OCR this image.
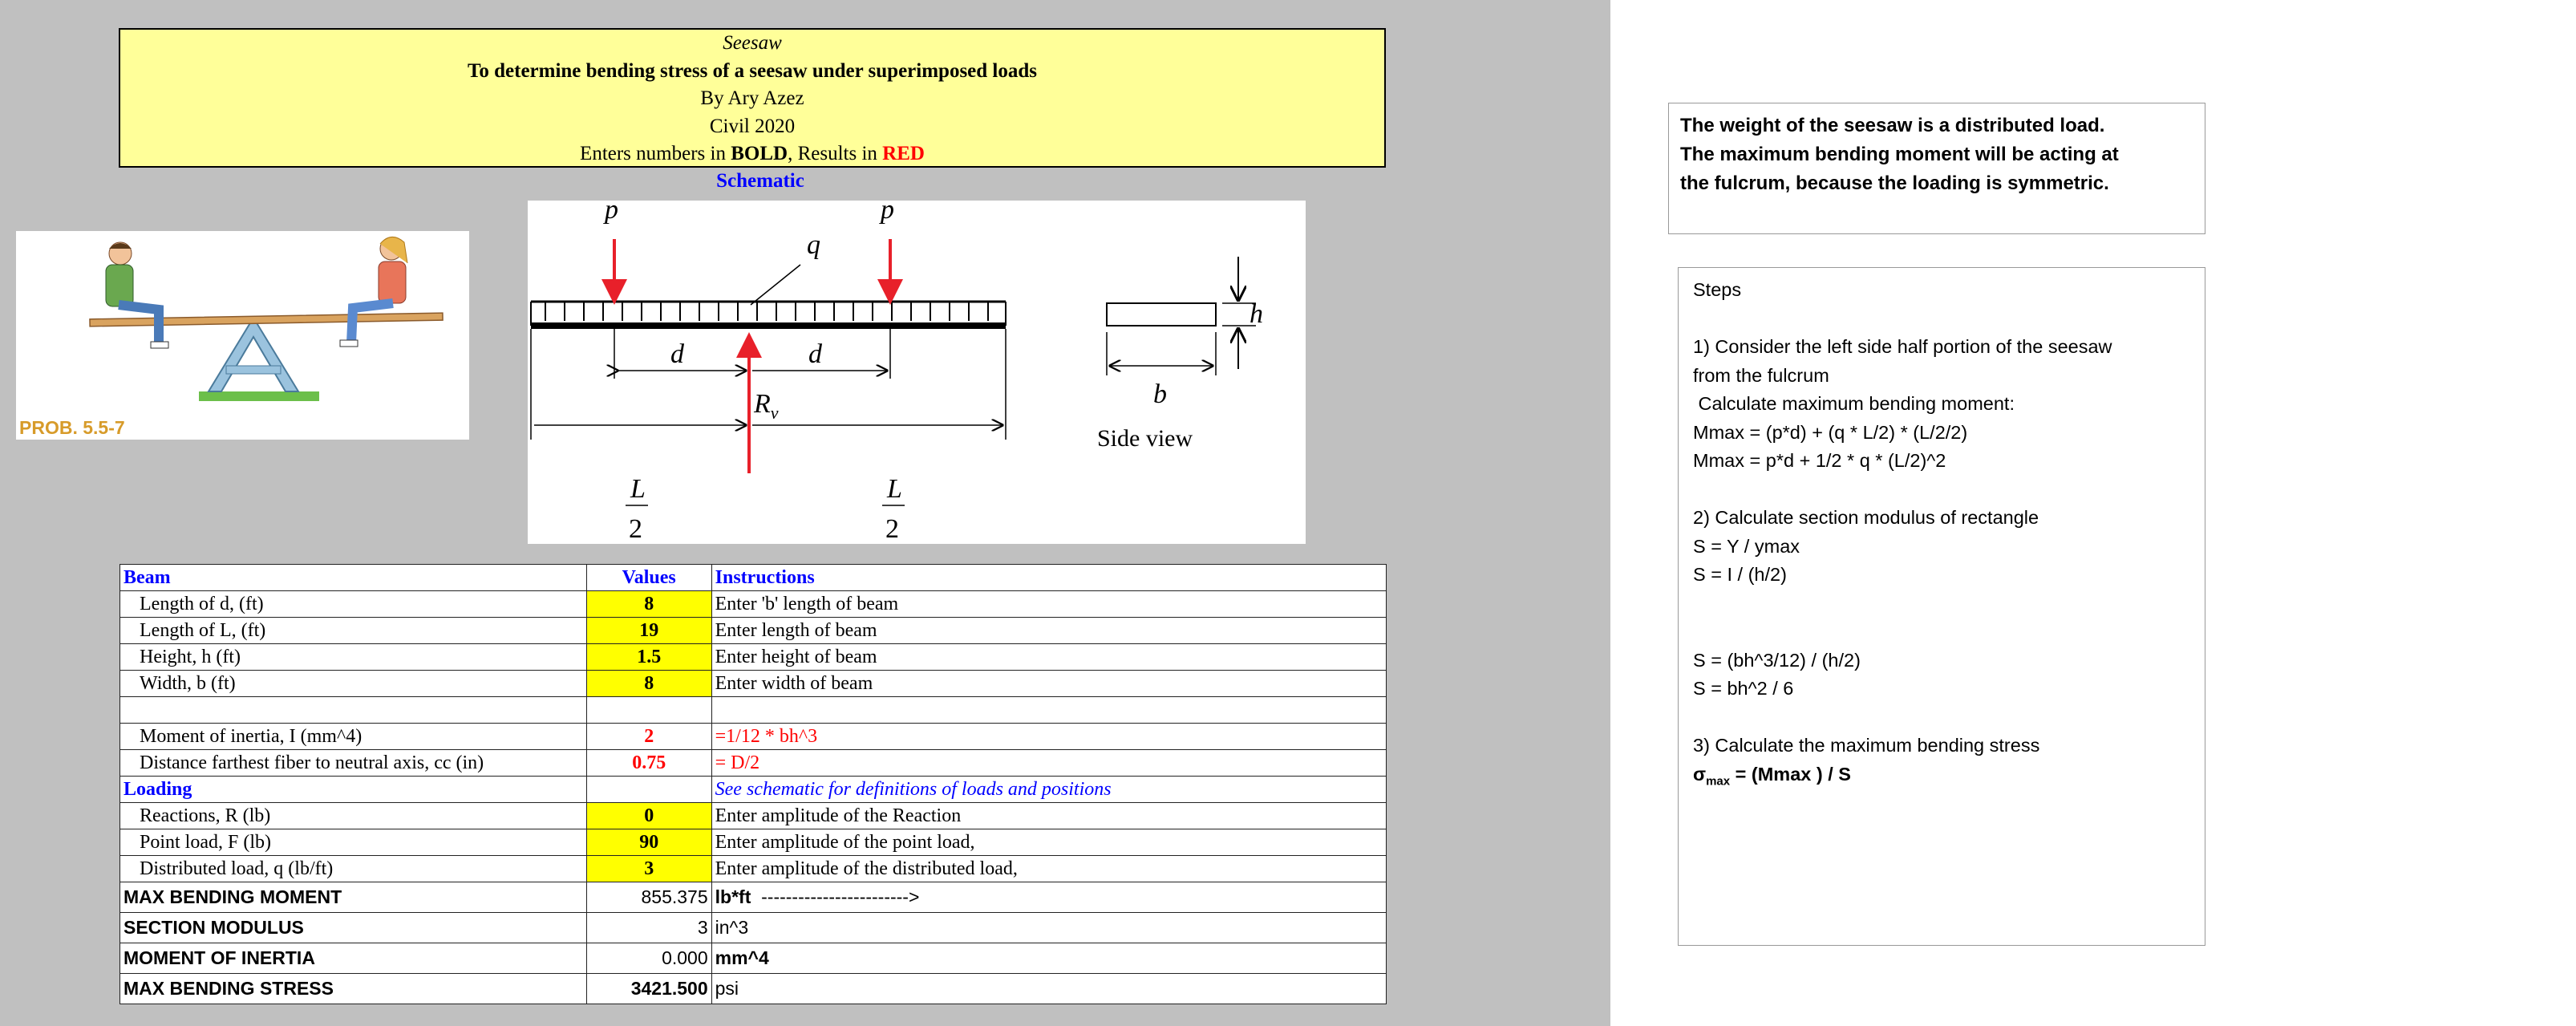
Seesaw
To determine bending stress of a seesaw under superimposed loads
By Ary Azez
Civil 2020
Enters numbers in BOLD, Results in RED
Schematic
PROB. 5.5-7
p	p
q
d	d
$R_v$
L
2
L
2
b
h
Side view
Beam	Values	Instructions
Length of d, (ft)	8	Enter 'b' length of beam
Length of L, (ft)	19	Enter length of beam
Height, h (ft)	1.5	Enter height of beam
Width, b (ft)	8	Enter width of beam

Moment of inertia, I (mm^4)	2	=1/12 * bh^3
Distance farthest fiber to neutral axis, cc (in)	0.75	= D/2
Loading		See schematic for definitions of loads and positions
Reactions, R (lb)	0	Enter amplitude of the Reaction
Point load, F (lb)	90	Enter amplitude of the point load,
Distributed load, q (lb/ft)	3	Enter amplitude of the distributed load,
MAX BENDING MOMENT	855.375	lb*ft ------------------------>
SECTION MODULUS	3	in^3
MOMENT OF INERTIA	0.000	mm^4
MAX BENDING STRESS	3421.500	psi
The weight of the seesaw is a distributed load.
The maximum bending moment will be acting at
the fulcrum, because the loading is symmetric.
Steps
1) Consider the left side half portion of the seesaw
from the fulcrum
Calculate maximum bending moment:
Mmax = (p*d) + (q * L/2) * (L/2/2)
Mmax = p*d + 1/2 * q * (L/2)^2
2) Calculate section modulus of rectangle
S = Y / ymax
S = I / (h/2)
S = (bh^3/12) / (h/2)
S = bh^2 / 6
3) Calculate the maximum bending stress
$\sigma_{max} = (Mmax$ ) / S
